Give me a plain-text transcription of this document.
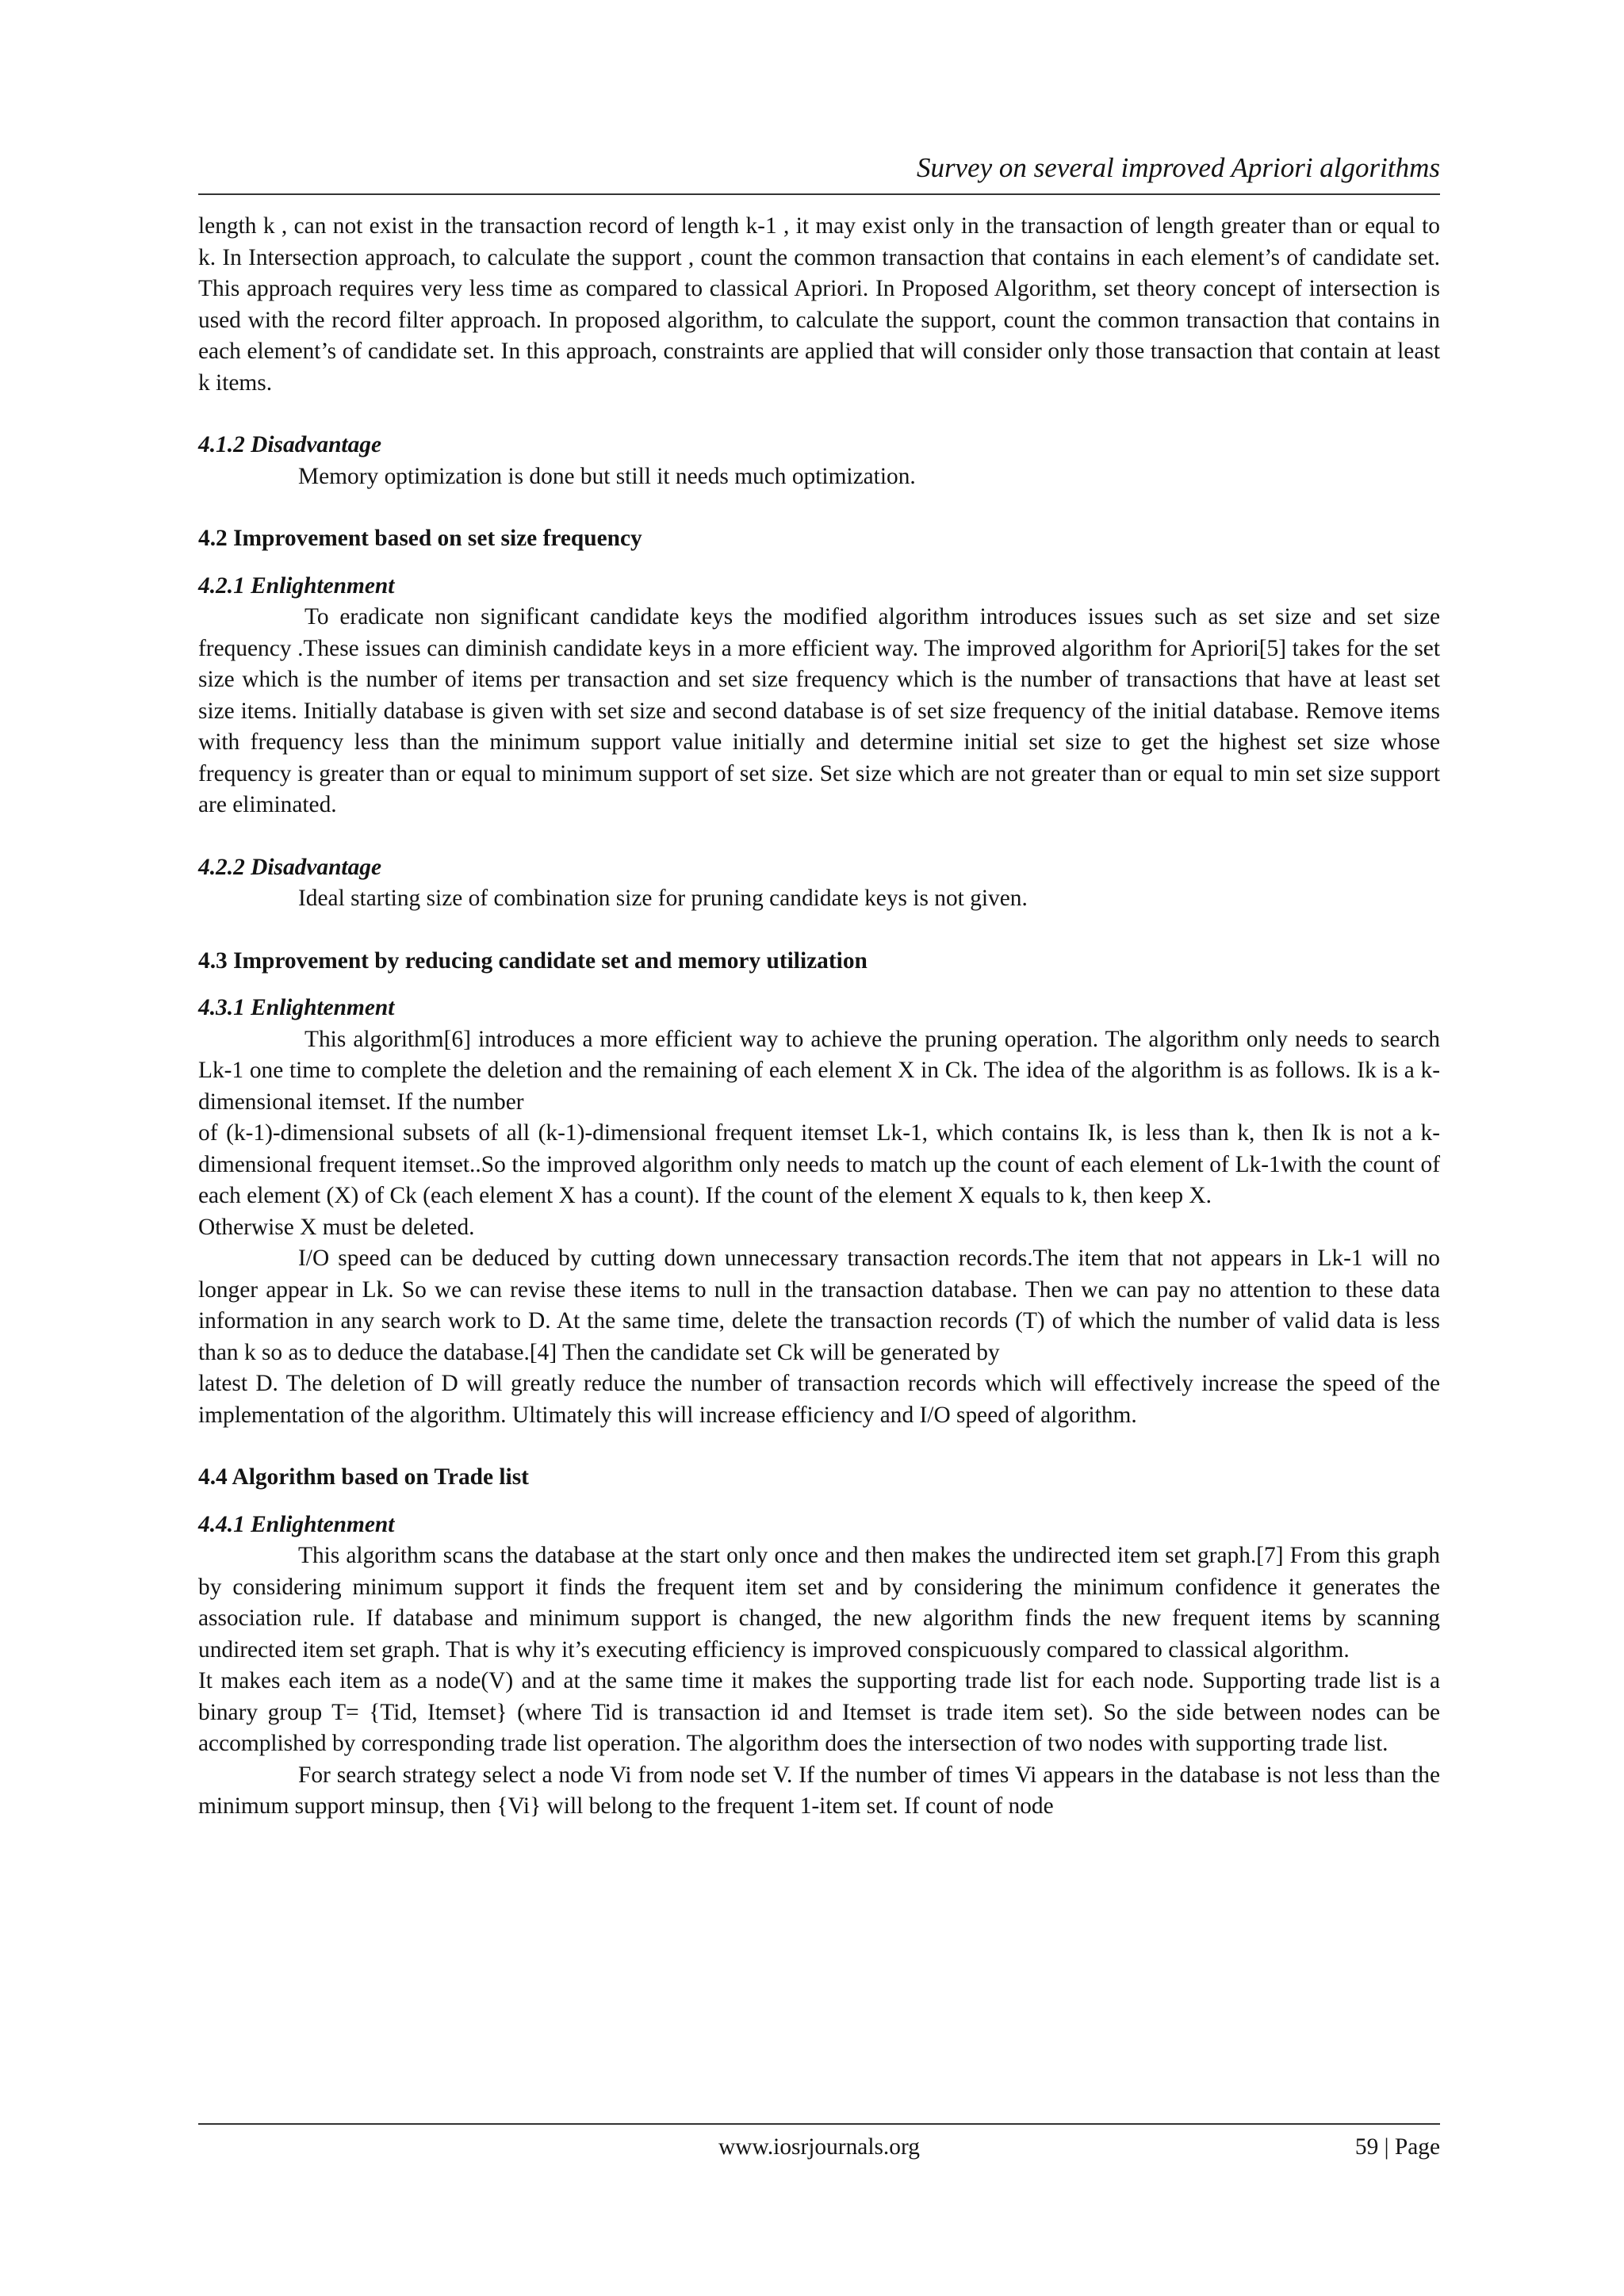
Survey on several improved Apriori algorithms

length k , can not exist in the transaction record of length k-1 , it may exist only in the transaction of length greater than or equal to k. In Intersection approach, to calculate the support , count the common transaction that contains in each element’s of candidate set. This approach requires very less time as compared to classical Apriori. In Proposed Algorithm, set theory concept of intersection is used with the record filter approach. In proposed algorithm, to calculate the support, count the common transaction that contains in each element’s of candidate set. In this approach, constraints are applied that will consider only those transaction that contain at least k items.

4.1.2 Disadvantage

Memory optimization is done but still it needs much optimization.

4.2 Improvement based on set size frequency

4.2.1 Enlightenment

To eradicate non significant candidate keys the modified algorithm introduces issues such as set size and set size frequency .These issues can diminish candidate keys in a more efficient way. The improved algorithm for Apriori[5] takes for the set size which is the number of items per transaction and set size frequency which is the number of transactions that have at least set size items. Initially database is given with set size and second database is of set size frequency of the initial database. Remove items with frequency less than the minimum support value initially and determine initial set size to get the highest set size whose frequency is greater than or equal to minimum support of set size. Set size which are not greater than or equal to min set size support are eliminated.

4.2.2 Disadvantage

Ideal starting size of combination size for pruning candidate keys is not given.

4.3 Improvement by reducing candidate set and memory utilization

4.3.1 Enlightenment

This algorithm[6] introduces a more efficient way to achieve the pruning operation. The algorithm only needs to search Lk-1 one time to complete the deletion and the remaining of each element X in Ck. The idea of the algorithm is as follows. Ik is a k-dimensional itemset. If the number

of (k-1)-dimensional subsets of all (k-1)-dimensional frequent itemset Lk-1, which contains Ik, is less than k, then Ik is not a k-dimensional frequent itemset..So the improved algorithm only needs to match up the count of each element of Lk-1with the count of each element (X) of Ck (each element X has a count). If the count of the element X equals to k, then keep X.

Otherwise X must be deleted.

I/O speed can be deduced by cutting down unnecessary transaction records.The item that not appears in Lk-1 will no longer appear in Lk. So we can revise these items to null in the transaction database. Then we can pay no attention to these data information in any search work to D. At the same time, delete the transaction records (T) of which the number of valid data is less than k so as to deduce the database.[4] Then the candidate set Ck will be generated by

latest D. The deletion of D will greatly reduce the number of transaction records which will effectively increase the speed of the implementation of the algorithm. Ultimately this will increase efficiency and I/O speed of algorithm.

4.4 Algorithm based on Trade list

4.4.1 Enlightenment

This algorithm scans the database at the start only once and then makes the undirected item set graph.[7] From this graph by considering minimum support it finds the frequent item set and by considering the minimum confidence it generates the association rule. If database and minimum support is changed, the new algorithm finds the new frequent items by scanning undirected item set graph. That is why it’s executing efficiency is improved conspicuously compared to classical algorithm.

It makes each item as a node(V) and at the same time it makes the supporting trade list for each node. Supporting trade list is a binary group T= {Tid, Itemset} (where Tid is transaction id and Itemset is trade item set). So the side between nodes can be accomplished by corresponding trade list operation. The algorithm does the intersection of two nodes with supporting trade list.

For search strategy select a node Vi from node set V. If the number of times Vi appears in the database is not less than the minimum support minsup, then {Vi} will belong to the frequent 1-item set. If count of node

www.iosrjournals.org	59 | Page
